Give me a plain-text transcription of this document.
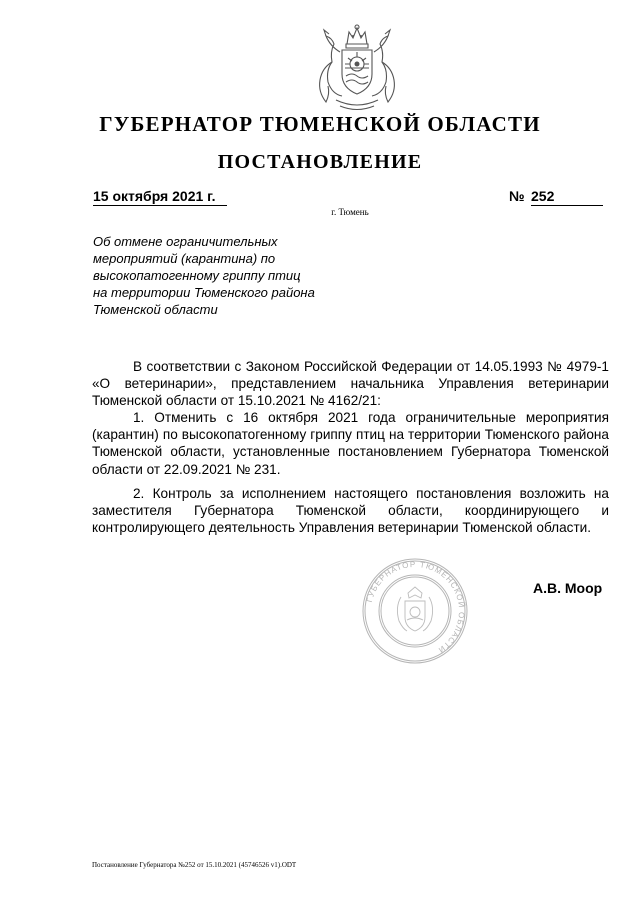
ГУБЕРНАТОР ТЮМЕНСКОЙ ОБЛАСТИ
ПОСТАНОВЛЕНИЕ
15 октября 2021 г.	№ 252
г. Тюмень
Об отмене ограничительных
мероприятий (карантина) по
высокопатогенному гриппу птиц
на территории Тюменского района
Тюменской области
В соответствии с Законом Российской Федерации от 14.05.1993 № 4979-1 «О ветеринарии», представлением начальника Управления ветеринарии Тюменской области от 15.10.2021 № 4162/21:
1. Отменить с 16 октября 2021 года ограничительные мероприятия (карантин) по высокопатогенному гриппу птиц на территории Тюменского района Тюменской области, установленные постановлением Губернатора Тюменской области от 22.09.2021 № 231.
2. Контроль за исполнением настоящего постановления возложить на заместителя Губернатора Тюменской области, координирующего и контролирующего деятельность Управления ветеринарии Тюменской области.
ГУБЕРНАТОР ТЮМЕНСКОЙ ОБЛАСТИ
А.В. Моор
Постановление Губернатора №252 от 15.10.2021 (45746526 v1).ODT
